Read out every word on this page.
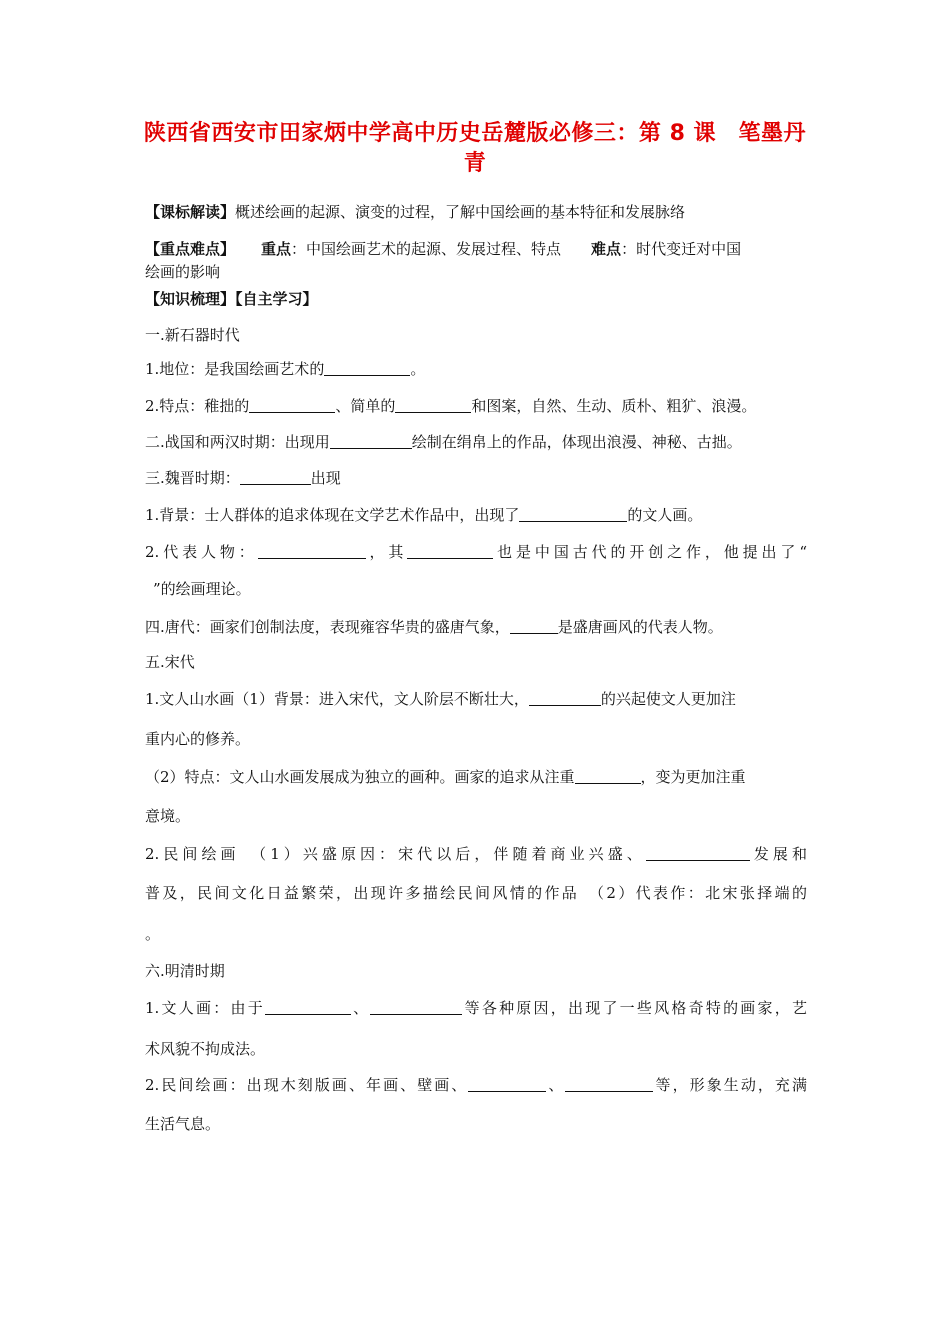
陕西省西安市田家炳中学高中历史岳麓版必修三：第 8 课　笔墨丹
青
【课标解读】概述绘画的起源、演变的过程，了解中国绘画的基本特征和发展脉络
【重点难点】 重点：中国绘画艺术的起源、发展过程、特点 难点：时代变迁对中国
绘画的影响
【知识梳理】【自主学习】
一.新石器时代
1.地位：是我国绘画艺术的	。
2.特点：稚拙的	、简单的	和图案，自然、生动、质朴、粗犷、浪漫。
二.战国和两汉时期：出现用	绘制在绢帛上的作品，体现出浪漫、神秘、古拙。
三.魏晋时期：	出现
1.背景：士人群体的追求体现在文学艺术作品中，出现了	的文人画。
2.代表人物：	，其	也是中国古代的开创之作，他提出了“
”的绘画理论。
四.唐代：画家们创制法度，表现雍容华贵的盛唐气象，	是盛唐画风的代表人物。
五.宋代
1.文人山水画（1）背景：进入宋代，文人阶层不断壮大，	的兴起使文人更加注
重内心的修养。
（2）特点：文人山水画发展成为独立的画种。画家的追求从注重	，变为更加注重
意境。
2.民间绘画　（1）兴盛原因：宋代以后，伴随着商业兴盛、	发展和
普及，民间文化日益繁荣，出现许多描绘民间风情的作品　（2）代表作：北宋张择端的
。
六.明清时期
1.文人画：由于	、	等各种原因，出现了一些风格奇特的画家，艺
术风貌不拘成法。
2.民间绘画：出现木刻版画、年画、壁画、	、	等，形象生动，充满
生活气息。
